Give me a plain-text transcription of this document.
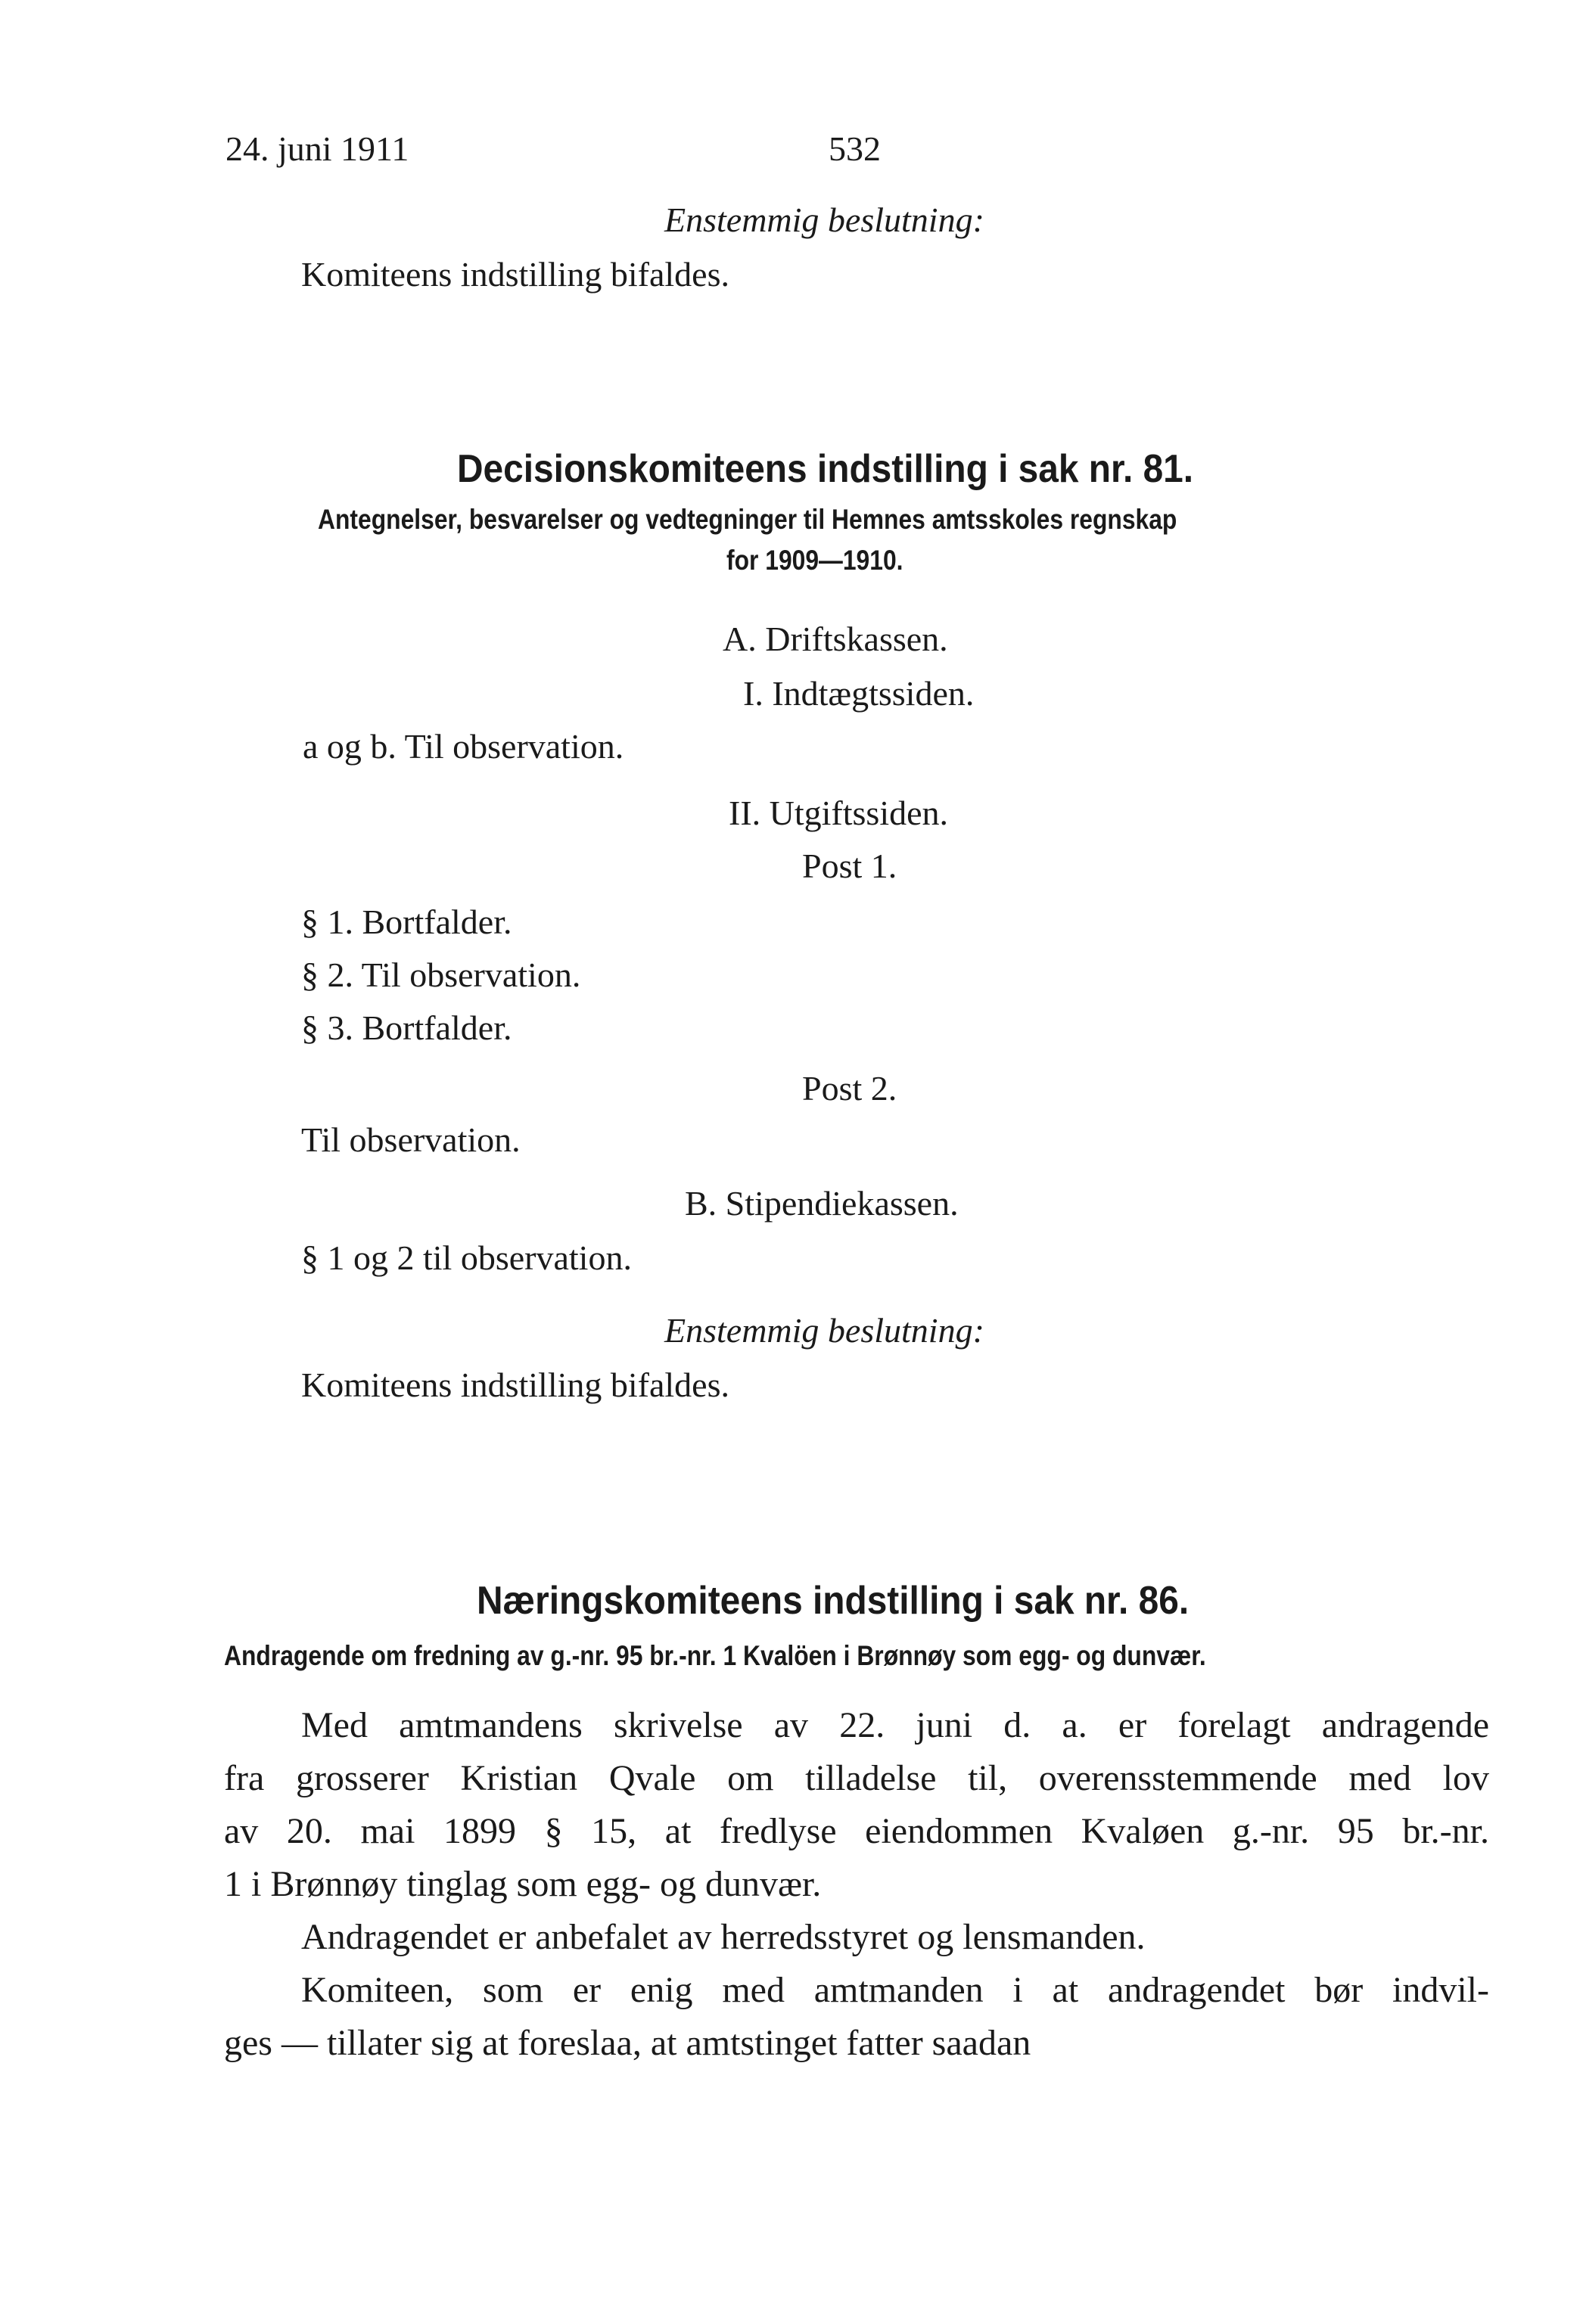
24. juni 1911	532
Enstemmig beslutning:
Komiteens indstilling bifaldes.
Decisionskomiteens indstilling i sak nr. 81.
Antegnelser, besvarelser og vedtegninger til Hemnes amtsskoles regnskap
for 1909—1910.
A. Driftskassen.
I. Indtægtssiden.
a og b. Til observation.
II. Utgiftssiden.
Post 1.
§ 1. Bortfalder.
§ 2. Til observation.
§ 3. Bortfalder.
Post 2.
Til observation.
B. Stipendiekassen.
§ 1 og 2 til observation.
Enstemmig beslutning:
Komiteens indstilling bifaldes.
Næringskomiteens indstilling i sak nr. 86.
Andragende om fredning av g.-nr. 95 br.-nr. 1 Kvalöen i Brønnøy som egg- og dunvær.
Med amtmandens skrivelse av 22. juni d. a. er forelagt andragende
fra grosserer Kristian Qvale om tilladelse til, overensstemmende med lov
av 20. mai 1899 § 15, at fredlyse eiendommen Kvaløen g.-nr. 95 br.-nr.
1 i Brønnøy tinglag som egg- og dunvær.
Andragendet er anbefalet av herredsstyret og lensmanden.
Komiteen, som er enig med amtmanden i at andragendet bør indvil-
ges — tillater sig at foreslaa, at amtstinget fatter saadan
